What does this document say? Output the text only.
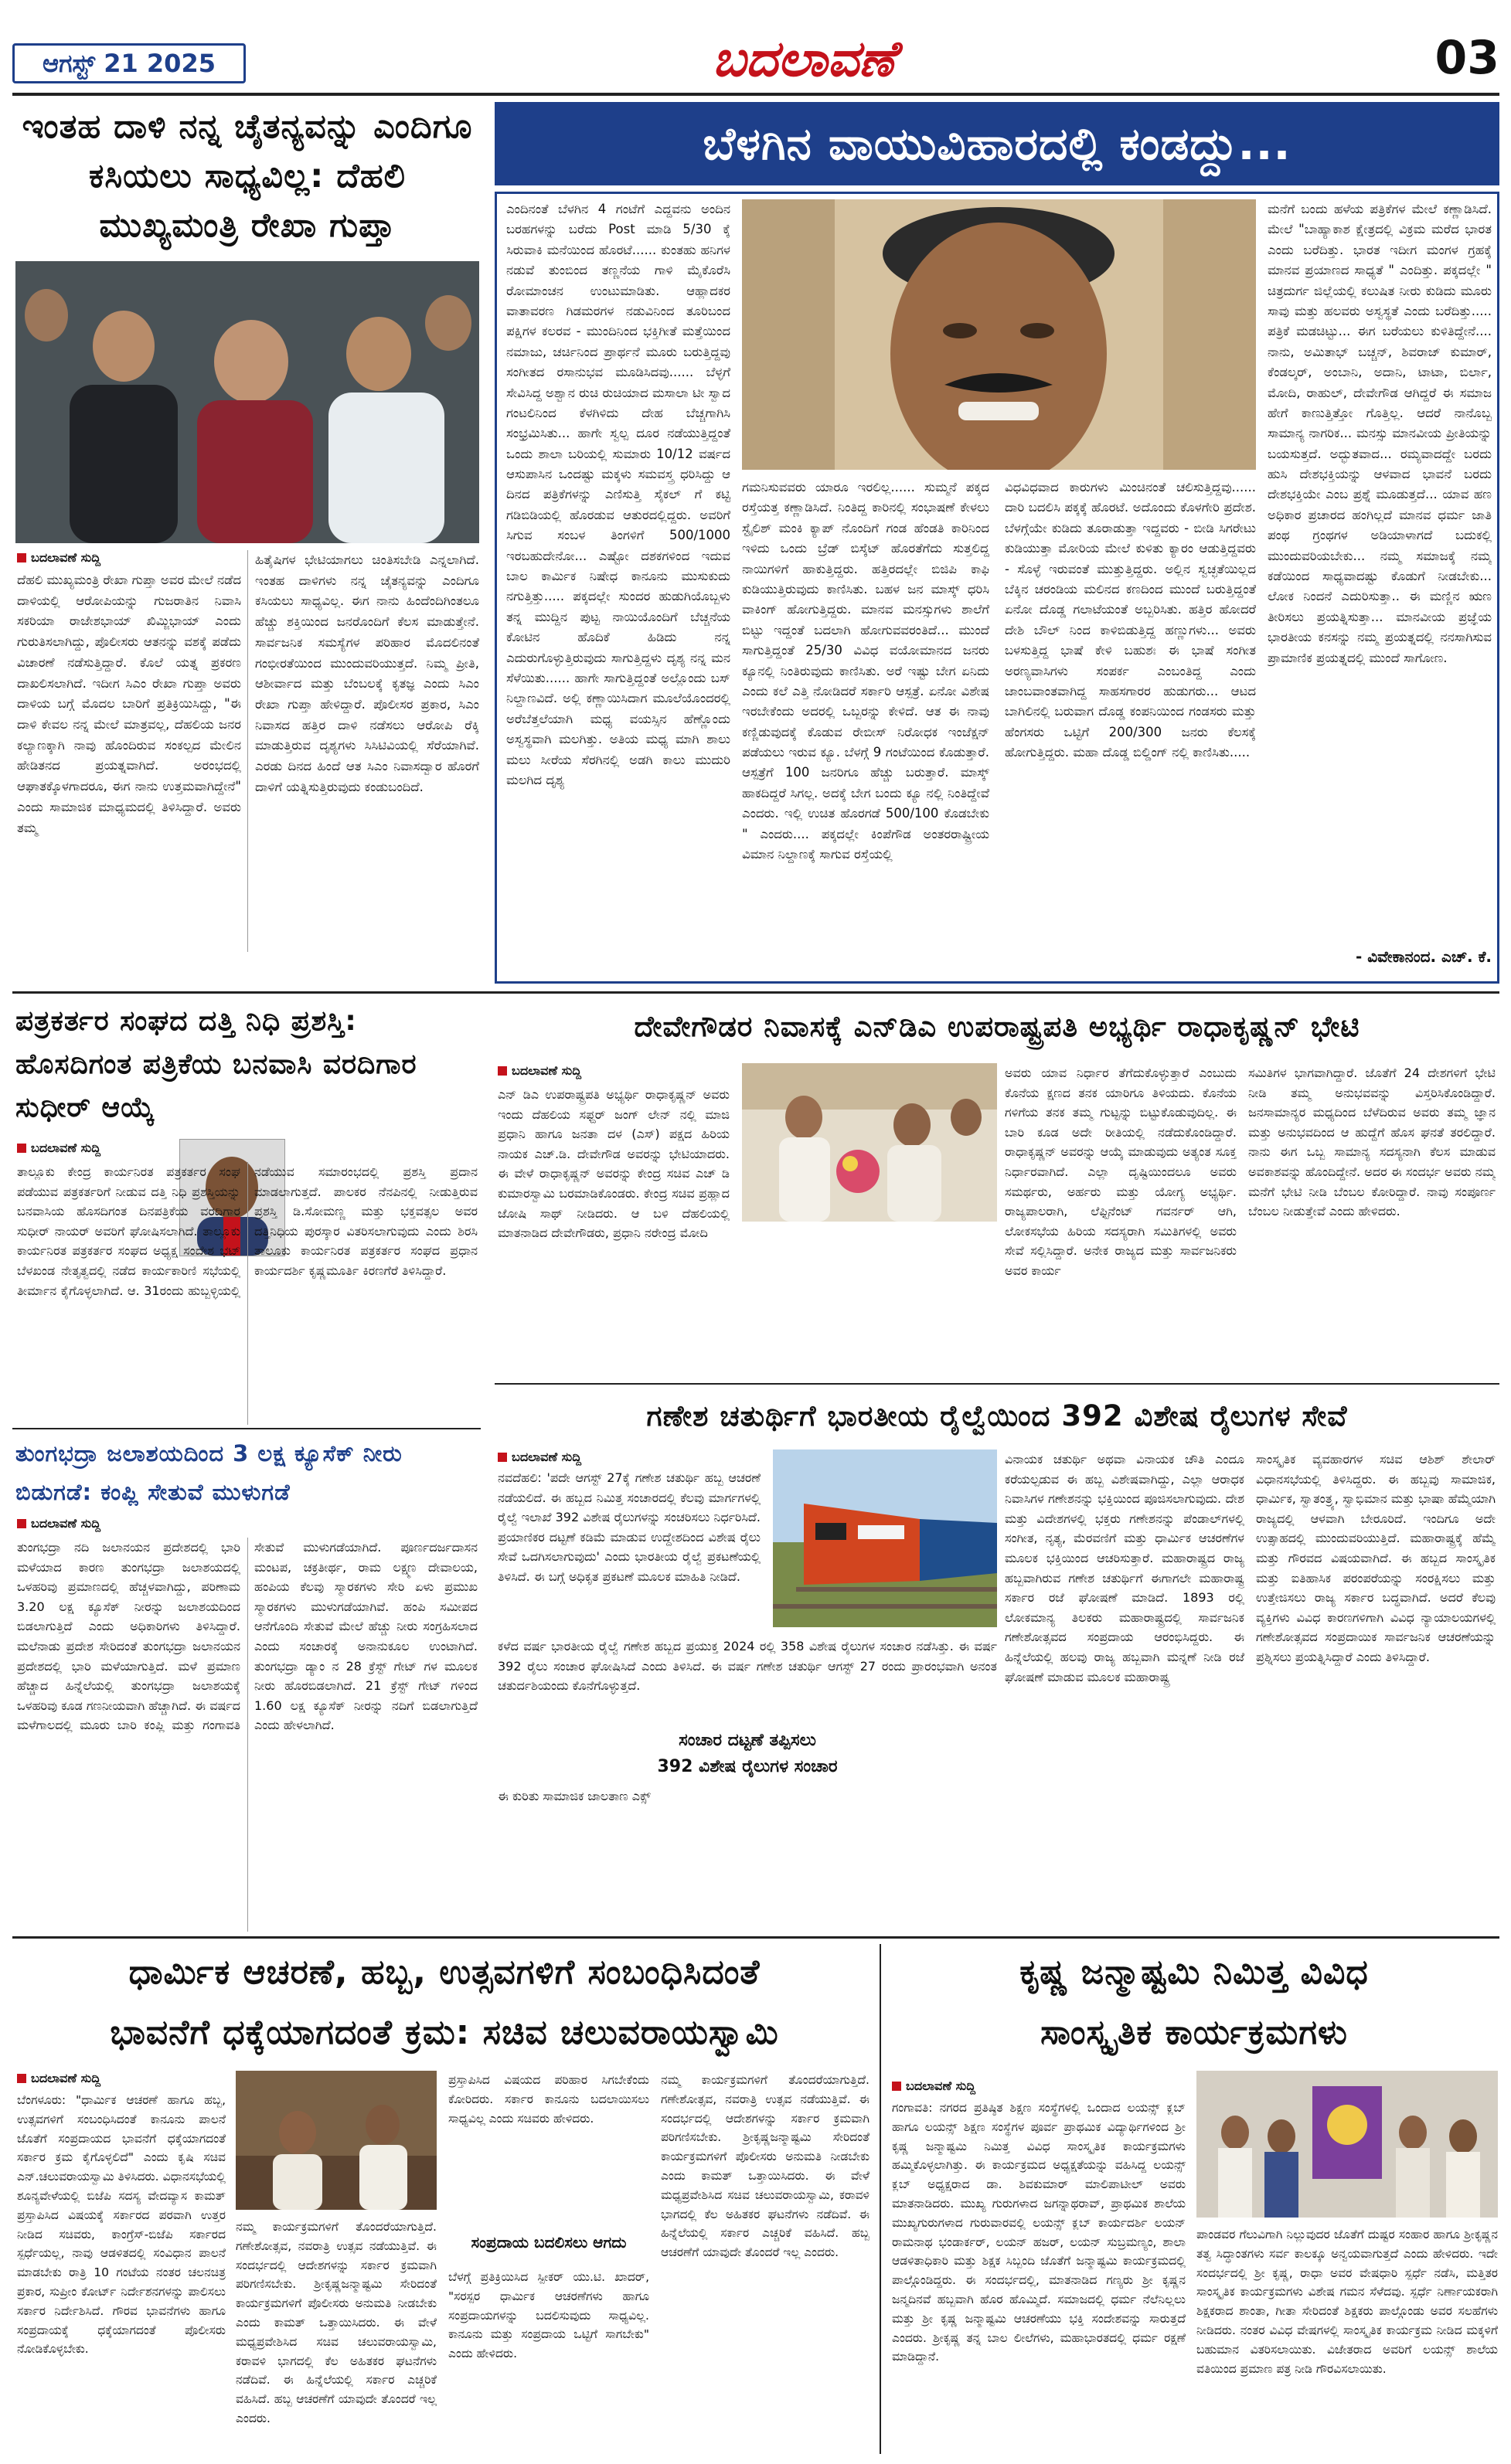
ಆಗಸ್ಟ್ 21 2025	ಬದಲಾವಣೆ	03
ಇಂತಹ ದಾಳಿ ನನ್ನ ಚೈತನ್ಯವನ್ನು ಎಂದಿಗೂ ಕಸಿಯಲು ಸಾಧ್ಯವಿಲ್ಲ: ದೆಹಲಿ ಮುಖ್ಯಮಂತ್ರಿ ರೇಖಾ ಗುಪ್ತಾ
ಬದಲಾವಣೆ ಸುದ್ದಿ
ದೆಹಲಿ ಮುಖ್ಯಮಂತ್ರಿ ರೇಖಾ ಗುಪ್ತಾ ಅವರ ಮೇಲೆ ನಡೆದ ದಾಳಿಯಲ್ಲಿ ಆರೋಪಿಯನ್ನು ಗುಜರಾತಿನ ನಿವಾಸಿ ಸಕರಿಯಾ ರಾಜೇಶಭಾಯ್ ಖಿಮ್ಜಿಭಾಯ್ ಎಂದು ಗುರುತಿಸಲಾಗಿದ್ದು, ಪೊಲೀಸರು ಆತನನ್ನು ವಶಕ್ಕೆ ಪಡೆದು ವಿಚಾರಣೆ ನಡೆಸುತ್ತಿದ್ದಾರೆ. ಕೊಲೆ ಯತ್ನ ಪ್ರಕರಣ ದಾಖಲಿಸಲಾಗಿದೆ. ಇದೀಗ ಸಿಎಂ ರೇಖಾ ಗುಪ್ತಾ ಅವರು ದಾಳಿಯ ಬಗ್ಗೆ ಮೊದಲ ಬಾರಿಗೆ ಪ್ರತಿಕ್ರಿಯಿಸಿದ್ದು, "ಈ ದಾಳಿ ಕೇವಲ ನನ್ನ ಮೇಲೆ ಮಾತ್ರವಲ್ಲ, ದೆಹಲಿಯ ಜನರ ಕಲ್ಯಾಣಕ್ಕಾಗಿ ನಾವು ಹೊಂದಿರುವ ಸಂಕಲ್ಪದ ಮೇಲಿನ ಹೇಡಿತನದ ಪ್ರಯತ್ನವಾಗಿದೆ. ಅರಂಭದಲ್ಲಿ ಆಘಾತಕ್ಕೊಳಗಾದರೂ, ಈಗ ನಾನು ಉತ್ತಮವಾಗಿದ್ದೇನೆ" ಎಂದು ಸಾಮಾಜಿಕ ಮಾಧ್ಯಮದಲ್ಲಿ ತಿಳಿಸಿದ್ದಾರೆ. ಅವರು ತಮ್ಮ
ಹಿತೈಷಿಗಳ ಭೇಟಿಯಾಗಲು ಚಿಂತಿಸಬೇಡಿ ಎನ್ನಲಾಗಿದೆ. ಇಂತಹ ದಾಳಿಗಳು ನನ್ನ ಚೈತನ್ಯವನ್ನು ಎಂದಿಗೂ ಕಸಿಯಲು ಸಾಧ್ಯವಿಲ್ಲ. ಈಗ ನಾನು ಹಿಂದೆಂದಿಗಿಂತಲೂ ಹೆಚ್ಚು ಶಕ್ತಿಯಿಂದ ಜನರೊಂದಿಗೆ ಕೆಲಸ ಮಾಡುತ್ತೇನೆ. ಸಾರ್ವಜನಿಕ ಸಮಸ್ಯೆಗಳ ಪರಿಹಾರ ಮೊದಲಿನಂತೆ ಗಂಭೀರತೆಯಿಂದ ಮುಂದುವರಿಯುತ್ತದೆ. ನಿಮ್ಮ ಪ್ರೀತಿ, ಆಶೀರ್ವಾದ ಮತ್ತು ಬೆಂಬಲಕ್ಕೆ ಕೃತಜ್ಞ ಎಂದು ಸಿಎಂ ರೇಖಾ ಗುಪ್ತಾ ಹೇಳಿದ್ದಾರೆ. ಪೊಲೀಸರ ಪ್ರಕಾರ, ಸಿಎಂ ನಿವಾಸದ ಹತ್ತಿರ ದಾಳಿ ನಡೆಸಲು ಆರೋಪಿ ರೆಕ್ಕಿ ಮಾಡುತ್ತಿರುವ ದೃಶ್ಯಗಳು ಸಿಸಿಟಿವಿಯಲ್ಲಿ ಸೆರೆಯಾಗಿವೆ. ಎರಡು ದಿನದ ಹಿಂದೆ ಆತ ಸಿಎಂ ನಿವಾಸದ್ವಾರ ಹೊರಗೆ ದಾಳಿಗೆ ಯತ್ನಿಸುತ್ತಿರುವುದು ಕಂಡುಬಂದಿದೆ.
ಬೆಳಗಿನ ವಾಯುವಿಹಾರದಲ್ಲಿ ಕಂಡದ್ದು...
ಎಂದಿನಂತೆ ಬೆಳಗಿನ 4 ಗಂಟೆಗೆ ಎದ್ದವನು ಅಂದಿನ ಬರಹಗಳನ್ನು ಬರೆದು Post ಮಾಡಿ 5/30 ಕ್ಕೆ ಸಿರುವಾಕಿ ಮನೆಯಿಂದ ಹೊರಟೆ...... ಕುಂತಹು ಹನಿಗಳ ನಡುವೆ ತುಂಬಿಂದ ತಣ್ಣನೆಯ ಗಾಳಿ ಮೈಕೊರೆಸಿ ರೋಮಾಂಚನ ಉಂಟುಮಾಡಿತು. ಆಹ್ಲಾದಕರ ವಾತಾವರಣ ಗಿಡಮರಗಳ ನಡುವಿನಿಂದ ತೂರಿಬಂದ ಪಕ್ಷಿಗಳ ಕಲರವ - ಮುಂದಿನಿಂದ ಭಕ್ತಿಗೀತೆ ಮತ್ತೆಯಿಂದ ನಮಾಜು, ಚರ್ಚಿನಿಂದ ಪ್ರಾರ್ಥನೆ ಮೂರು ಬರುತ್ತಿದ್ದವು ಸಂಗೀತದ ರಸಾನುಭವ ಮೂಡಿಸಿದವು...... ಬೆಳ್ಳಗೆ ಸೇವಿಸಿದ್ದ ಅಶ್ವಾನ ರುಚಿ ರುಚಿಯಾದ ಮಸಾಲಾ ಟೀ ಸ್ವಾದ ಗಂಟಲಿನಿಂದ ಕೆಳಗಿಳಿದು ದೇಹ ಬೆಚ್ಚಗಾಗಿಸಿ ಸಂಭ್ರಮಿಸಿತು... ಹಾಗೇ ಸ್ವಲ್ಪ ದೂರ ನಡೆಯುತ್ತಿದ್ದಂತೆ ಒಂದು ಶಾಲಾ ಬರಿಯಲ್ಲಿ ಸುಮಾರು 10/12 ವರ್ಷದ ಆಸುಪಾಸಿನ ಒಂದಷ್ಟು ಮಕ್ಕಳು ಸಮವಸ್ತ್ರ ಧರಿಸಿದ್ದು ಆ ದಿನದ ಪತ್ರಿಕೆಗಳನ್ನು ಎಣಿಸುತ್ತಿ ಸೈಕಲ್ ಗೆ ಕಟ್ಟಿ ಗಡಿಬಿಡಿಯಲ್ಲಿ ಹೊರಡುವ ಆತುರದಲ್ಲಿದ್ದರು. ಅವರಿಗೆ ಸಿಗುವ ಸಂಬಳ ತಿಂಗಳಿಗೆ 500/1000 ಇರಬಹುದೇನೋ... ಎಷ್ಟೋ ದಶಕಗಳಿಂದ ಇದುವ ಬಾಲ ಕಾರ್ಮಿಕ ನಿಷೇಧ ಕಾನೂನು ಮುಸುಕುದು ನಗುತ್ತಿತ್ತು..... ಪಕ್ಕದಲ್ಲೇ ಸುಂದರ ಹುಡುಗಿಯೊಬ್ಬಳು ತನ್ನ ಮುದ್ದಿನ ಪುಟ್ಟ ನಾಯಿಯೊಂದಿಗೆ ಬೆಚ್ಚನೆಯ ಕೋಟಿನ ಹೊದಿಕೆ ಹಿಡಿದು ನನ್ನ ಎದುರುಗೊಳ್ಳುತ್ತಿರುವುದು ಸಾಗುತ್ತಿದ್ದಳು ದೃಶ್ಯ ನನ್ನ ಮನ ಸೆಳೆಯಿತು...... ಹಾಗೇ ಸಾಗುತ್ತಿದ್ದಂತೆ ಅಲ್ಲೊಂದು ಬಸ್ ನಿಲ್ದಾಣವಿದೆ. ಅಲ್ಲಿ ಕಣ್ಣಾಯಿಸಿದಾಗ ಮೂಲೆಯೊಂದರಲ್ಲಿ ಅರೆಬೆತ್ತಲೆಯಾಗಿ ಮಧ್ಯ ವಯಸ್ಸಿನ ಹೆಣ್ಣೊಂದು ಅಸ್ವಸ್ಥವಾಗಿ ಮಲಗಿತ್ತು. ಅತಿಯ ಮಧ್ಯ ಮಾಗಿ ಶಾಲು ಮಲು ಸೀರೆಯ ಸೆರಗಿನಲ್ಲಿ ಅಡಗಿ ಕಾಲು ಮುದುರಿ ಮಲಗಿದ ದೃಶ್ಯ
ಗಮನಿಸುವವರು ಯಾರೂ ಇರಲಿಲ್ಲ...... ಸುಮ್ಮನೆ ಪಕ್ಕದ ರಸ್ತೆಯತ್ತ ಕಣ್ಣಾಡಿಸಿದೆ. ನಿಂತಿದ್ದ ಕಾರಿನಲ್ಲಿ ಸಂಭಾಷಣೆ ಕೇಳಲು ಸ್ಟೈಲಿಶ್ ಮಂಕಿ ಕ್ಯಾಪ್ ನೊಂದಿಗೆ ಗಂಡ ಹೆಂಡತಿ ಕಾರಿನಿಂದ ಇಳಿದು ಒಂದು ಬ್ರೆಡ್ ಬಿಸ್ಕೆಟ್ ಹೊರತೆಗೆದು ಸುತ್ತಲಿದ್ದ ನಾಯಿಗಳಿಗೆ ಹಾಕುತ್ತಿದ್ದರು. ಹತ್ತಿರದಲ್ಲೇ ಬಿಜಿಪಿ ಕಾಫಿ ಕುಡಿಯುತ್ತಿರುವುದು ಕಾಣಿಸಿತು. ಬಹಳ ಜನ ಮಾಸ್ಕ್ ಧರಿಸಿ ವಾಕಿಂಗ್ ಹೋಗುತ್ತಿದ್ದರು. ಮಾನವ ಮನಸ್ಸುಗಳು ಶಾಲೆಗೆ ಬಿಟ್ಟು ಇದ್ದಂತೆ ಬದಲಾಗಿ ಹೋಗುವವರಂತಿದೆ... ಮುಂದೆ ಸಾಗುತ್ತಿದ್ದಂತೆ 25/30 ವಿವಿಧ ವಯೋಮಾನದ ಜನರು ಕ್ಯೂನಲ್ಲಿ ನಿಂತಿರುವುದು ಕಾಣಿಸಿತು. ಅರೆ ಇಷ್ಟು ಬೇಗ ಏನಿದು ಎಂದು ಕಲೆ ಎತ್ತಿ ನೋಡಿದರೆ ಸರ್ಕಾರಿ ಆಸ್ಪತ್ರೆ. ಏನೋ ವಿಶೇಷ ಇರಬೇಕೆಂದು ಅದರಲ್ಲಿ ಒಬ್ಬರನ್ನು ಕೇಳಿದೆ. ಆತ ಈ ನಾವು ಕಣ್ಣಿಡುವುದಕ್ಕೆ ಕೊಡುವ ರೇಬೀಸ್ ನಿರೋಧಕ ಇಂಜೆಕ್ಷನ್ ಪಡೆಯಲು ಇರುವ ಕ್ಯೂ. ಬೆಳಗ್ಗೆ 9 ಗಂಟೆಯಿಂದ ಕೊಡುತ್ತಾರೆ. ಆಸ್ಪತ್ರೆಗೆ 100 ಜನರಿಗೂ ಹೆಚ್ಚು ಬರುತ್ತಾರೆ. ಮಾಸ್ಕ್ ಹಾಕದಿದ್ದರೆ ಸಿಗಲ್ಲ. ಅದಕ್ಕೆ ಬೇಗ ಬಂದು ಕ್ಯೂ ನಲ್ಲಿ ನಿಂತಿದ್ದೇವೆ ಎಂದರು. ಇಲ್ಲಿ ಉಚಿತ ಹೊರಗಡೆ 500/100 ಕೊಡಬೇಕು " ಎಂದರು.... ಪಕ್ಕದಲ್ಲೇ ಕಿಂಪೆಗೌಡ ಅಂತರರಾಷ್ಟ್ರೀಯ ವಿಮಾನ ನಿಲ್ದಾಣಕ್ಕೆ ಸಾಗುವ ರಸ್ತೆಯಲ್ಲಿ
ವಿಧವಿಧವಾದ ಕಾರುಗಳು ಮಿಂಚಿನಂತೆ ಚಲಿಸುತ್ತಿದ್ದವು...... ದಾರಿ ಬದಲಿಸಿ ಪಕ್ಕಕ್ಕೆ ಹೊರಟೆ. ಅದೊಂದು ಕೊಳಗೇರಿ ಪ್ರದೇಶ. ಬೆಳಗ್ಗೆಯೇ ಕುಡಿದು ತೂರಾಡುತ್ತಾ ಇದ್ದವರು - ಬೀಡಿ ಸಿಗರೇಟು ಕುಡಿಯುತ್ತಾ ಮೋರಿಯ ಮೇಲೆ ಕುಳಿತು ಕ್ಯಾರಂ ಆಡುತ್ತಿದ್ದವರು - ಸೊಳ್ಳೆ ಇರುವಂತೆ ಮುತ್ತುತ್ತಿದ್ದರು. ಅಲ್ಲಿನ ಸ್ವಚ್ಛತೆಯಿಲ್ಲದ ಬೆಕ್ಕಿನ ಚರಂಡಿಯ ಮಲಿನದ ಕಣದಿಂದ ಮುಂದೆ ಬರುತ್ತಿದ್ದಂತೆ ಏನೋ ದೊಡ್ಡ ಗಲಾಟೆಯಂತೆ ಅಬ್ಬರಿಸಿತು. ಹತ್ತಿರ ಹೋದರೆ ದೇಶಿ ಬೌಲ್ ನಿಂದ ಕಾಳಿಬಿಡುತ್ತಿದ್ದ ಹಣ್ಣುಗಳು... ಅವರು ಬಳಸುತ್ತಿದ್ದ ಭಾಷೆ ಕೇಳಿ ಬಹುಶಃ ಈ ಭಾಷೆ ಸಂಗೀತ ಅರಣ್ಯವಾಸಿಗಳು ಸಂಪರ್ಕ ಎಂಬಂತಿದ್ದ ಎಂದು ಜಾಂಬವಾಂತವಾಗಿದ್ದ ಸಾಹಸಗಾರರ ಹುಡುಗರು... ಆಟದ ಬಾಗಿಲಿನಲ್ಲಿ ಬರುವಾಗ ದೊಡ್ಡ ಕಂಪನಿಯಿಂದ ಗಂಡಸರು ಮತ್ತು ಹೆಂಗಸರು ಒಟ್ಟಿಗೆ 200/300 ಜನರು ಕೆಲಸಕ್ಕೆ ಹೋಗುತ್ತಿದ್ದರು. ಮಹಾ ದೊಡ್ಡ ಬಿಲ್ಡಿಂಗ್ ನಲ್ಲಿ ಕಾಣಿಸಿತು.....
ಮನೆಗೆ ಬಂದು ಹಳೆಯ ಪತ್ರಿಕೆಗಳ ಮೇಲೆ ಕಣ್ಣಾಡಿಸಿದೆ. ಮೇಲೆ "ಬಾಹ್ಯಾಕಾಶ ಕ್ಷೇತ್ರದಲ್ಲಿ ವಿಕ್ರಮ ಮರೆದ ಭಾರತ ಎಂದು ಬರೆದಿತ್ತು. ಭಾರತ ಇದೀಗ ಮಂಗಳ ಗ್ರಹಕ್ಕೆ ಮಾನವ ಪ್ರಯಾಣದ ಸಾಧ್ಯತೆ " ಎಂದಿತ್ತು. ಪಕ್ಕದಲ್ಲೇ " ಚಿತ್ರದುರ್ಗ ಜಿಲ್ಲೆಯಲ್ಲಿ ಕಲುಷಿತ ನೀರು ಕುಡಿದು ಮೂರು ಸಾವು ಮತ್ತು ಹಲವರು ಅಸ್ವಸ್ಥತೆ ಎಂದು ಬರೆದಿತ್ತು..... ಪತ್ರಿಕೆ ಮಡಚಿಟ್ಟು... ಈಗ ಬರೆಯಲು ಕುಳಿತಿದ್ದೇನೆ.... ನಾನು, ಅಮಿತಾಭ್ ಬಚ್ಚನ್, ಶಿವರಾಜ್ ಕುಮಾರ್, ಕೆಂಡಲ್ಕರ್, ಅಂಬಾನಿ, ಅದಾನಿ, ಟಾಟಾ, ಬಿರ್ಲಾ, ಮೋದಿ, ರಾಹುಲ್, ದೇವೇಗೌಡ ಆಗಿದ್ದರೆ ಈ ಸಮಾಜ ಹೇಗೆ ಕಾಣುತ್ತಿತ್ತೋ ಗೊತ್ತಿಲ್ಲ. ಆದರೆ ನಾನೊಬ್ಬ ಸಾಮಾನ್ಯ ನಾಗರಿಕ... ಮನಸ್ಸು ಮಾನವೀಯ ಪ್ರೀತಿಯನ್ನು ಬಯಸುತ್ತದೆ. ಅದ್ಭುತವಾದ... ರಮ್ಯವಾದದ್ದೇ ಬರದು ಹುಸಿ ದೇಶಭಕ್ತಿಯನ್ನು ಆಳವಾದ ಭಾವನೆ ಬರದು ದೇಶಭಕ್ತಿಯೇ ಎಂಬ ಪ್ರಶ್ನೆ ಮೂಡುತ್ತದೆ... ಯಾವ ಹಣ ಅಧಿಕಾರ ಪ್ರಚಾರದ ಹಂಗಿಲ್ಲದೆ ಮಾನವ ಧರ್ಮ ಜಾತಿ ಪಂಥ ಗ್ರಂಥಗಳ ಅಡಿಯಾಳಾಗದೆ ಬದುಕಲ್ಲಿ ಮುಂದುವರಿಯಬೇಕು... ನಮ್ಮ ಸಮಾಜಕ್ಕೆ ನಮ್ಮ ಕಡೆಯಿಂದ ಸಾಧ್ಯವಾದಷ್ಟು ಕೊಡುಗೆ ನೀಡಬೇಕು... ಲೋಕ ನಿಂದನೆ ಎದುರಿಸುತ್ತಾ.. ಈ ಮಣ್ಣಿನ ಋಣ ತೀರಿಸಲು ಪ್ರಯತ್ನಿಸುತ್ತಾ... ಮಾನವೀಯ ಪ್ರಜ್ಞೆಯ ಭಾರತೀಯ ಕನಸನ್ನು ನಮ್ಮ ಪ್ರಯತ್ನದಲ್ಲಿ ನನಸಾಗಿಸುವ ಪ್ರಾಮಾಣಿಕ ಪ್ರಯತ್ನದಲ್ಲಿ ಮುಂದೆ ಸಾಗೋಣ.
- ವಿವೇಕಾನಂದ. ಎಚ್. ಕೆ.
ಪತ್ರಕರ್ತರ ಸಂಘದ ದತ್ತಿ ನಿಧಿ ಪ್ರಶಸ್ತಿ: ಹೊಸದಿಗಂತ ಪತ್ರಿಕೆಯ ಬನವಾಸಿ ವರದಿಗಾರ ಸುಧೀರ್ ಆಯ್ಕೆ
ಬದಲಾವಣೆ ಸುದ್ದಿ
ತಾಲ್ಲೂಕು ಕೇಂದ್ರ ಕಾರ್ಯನಿರತ ಪತ್ರಕರ್ತರ ಸಂಘ ಪಡೆಯುವ ಪತ್ರಕರ್ತರಿಗೆ ನೀಡುವ ದತ್ತಿ ನಿಧಿ ಪ್ರಶಸ್ತಿಯನ್ನು ಬನವಾಸಿಯ ಹೊಸದಿಗಂತ ದಿನಪತ್ರಿಕೆಯ ವರದಿಗಾರ ಸುಧೀರ್ ನಾಯರ್ ಅವರಿಗೆ ಘೋಷಿಸಲಾಗಿದೆ. ತಾಲ್ಲೂಕು ಕಾರ್ಯನಿರತ ಪತ್ರಕರ್ತರ ಸಂಘದ ಅಧ್ಯಕ್ಷ ಸಂದೇಶ ಭಟ್ ಬೆಳಖಂಡ ನೇತೃತ್ವದಲ್ಲಿ ನಡೆದ ಕಾರ್ಯಕಾರಿಣಿ ಸಭೆಯಲ್ಲಿ ತೀರ್ಮಾನ ಕೈಗೊಳ್ಳಲಾಗಿದೆ. ಆ. 31ರಂದು ಹುಬ್ಬಳ್ಳಿಯಲ್ಲಿ ನಡೆಯುವ ಸಮಾರಂಭದಲ್ಲಿ ಪ್ರಶಸ್ತಿ ಪ್ರದಾನ ಮಾಡಲಾಗುತ್ತದೆ. ಪಾಲಕರ ನೆನಪಿನಲ್ಲಿ ನೀಡುತ್ತಿರುವ ಪ್ರಶಸ್ತಿ ಡಿ.ಸೋಮಣ್ಣ ಮತ್ತು ಭಕ್ತವತ್ಸಲ ಅವರ ದತ್ತಿನಿಧಿಯ ಪುರಸ್ಕಾರ ವಿತರಿಸಲಾಗುವುದು ಎಂದು ಶಿರಸಿ ತಾಲೂಕು ಕಾರ್ಯನಿರತ ಪತ್ರಕರ್ತರ ಸಂಘದ ಪ್ರಧಾನ ಕಾರ್ಯದರ್ಶಿ ಕೃಷ್ಣಮೂರ್ತಿ ಕಿರಣಗೆರೆ ತಿಳಿಸಿದ್ದಾರೆ.
ತುಂಗಭದ್ರಾ ಜಲಾಶಯದಿಂದ 3 ಲಕ್ಷ ಕ್ಯೂಸೆಕ್ ನೀರು ಬಿಡುಗಡೆ: ಕಂಪ್ಲಿ ಸೇತುವೆ ಮುಳುಗಡೆ
ಬದಲಾವಣೆ ಸುದ್ದಿ
ತುಂಗಭದ್ರಾ ನದಿ ಜಲಾನಯನ ಪ್ರದೇಶದಲ್ಲಿ ಭಾರಿ ಮಳೆಯಾದ ಕಾರಣ ತುಂಗಭದ್ರಾ ಜಲಾಶಯದಲ್ಲಿ ಒಳಹರಿವು ಪ್ರಮಾಣದಲ್ಲಿ ಹೆಚ್ಚಳವಾಗಿದ್ದು, ಪರಿಣಾಮ 3.20 ಲಕ್ಷ ಕ್ಯೂಸೆಕ್ ನೀರನ್ನು ಜಲಾಶಯದಿಂದ ಬಿಡಲಾಗುತ್ತಿದೆ ಎಂದು ಅಧಿಕಾರಿಗಳು ತಿಳಿಸಿದ್ದಾರೆ. ಮಲೆನಾಡು ಪ್ರದೇಶ ಸೇರಿದಂತೆ ತುಂಗಭದ್ರಾ ಜಲಾನಯನ ಪ್ರದೇಶದಲ್ಲಿ ಭಾರಿ ಮಳೆಯಾಗುತ್ತಿದೆ. ಮಳೆ ಪ್ರಮಾಣ ಹೆಚ್ಚಾದ ಹಿನ್ನೆಲೆಯಲ್ಲಿ ತುಂಗಭದ್ರಾ ಜಲಾಶಯಕ್ಕೆ ಒಳಹರಿವು ಕೂಡ ಗಣನೀಯವಾಗಿ ಹೆಚ್ಚಾಗಿದೆ. ಈ ವರ್ಷದ ಮಳೆಗಾಲದಲ್ಲಿ ಮೂರು ಬಾರಿ ಕಂಪ್ಲಿ ಮತ್ತು ಗಂಗಾವತಿ ಸೇತುವೆ ಮುಳುಗಡೆಯಾಗಿದೆ. ಪೂರ್ಣದರ್ಜದಾಸನ ಮಂಟಪ, ಚಕ್ರತೀರ್ಥ, ರಾಮ ಲಕ್ಷ್ಮಣ ದೇವಾಲಯ, ಹಂಪಿಯ ಕೆಲವು ಸ್ಮಾರಕಗಳು ಸೇರಿ ಏಳು ಪ್ರಮುಖ ಸ್ಮಾರಕಗಳು ಮುಳುಗಡೆಯಾಗಿವೆ. ಹಂಪಿ ಸಮೀಪದ ಆನೆಗೊಂದಿ ಸೇತುವೆ ಮೇಲೆ ಹೆಚ್ಚು ನೀರು ಸಂಗ್ರಹಿಸಲಾದ ಎಂದು ಸಂಚಾರಕ್ಕೆ ಅನಾನುಕೂಲ ಉಂಟಾಗಿದೆ. ತುಂಗಭದ್ರಾ ಡ್ಯಾಂ ನ 28 ಕ್ರೆಸ್ಟ್ ಗೇಟ್ ಗಳ ಮೂಲಕ ನೀರು ಹೊರಬಿಡಲಾಗಿದೆ. 21 ಕ್ರೆಸ್ಟ್ ಗೇಟ್ ಗಳಿಂದ 1.60 ಲಕ್ಷ ಕ್ಯೂಸೆಕ್ ನೀರನ್ನು ನದಿಗೆ ಬಿಡಲಾಗುತ್ತಿದೆ ಎಂದು ಹೇಳಲಾಗಿದೆ.
ದೇವೇಗೌಡರ ನಿವಾಸಕ್ಕೆ ಎನ್‌ಡಿಎ ಉಪರಾಷ್ಟ್ರಪತಿ ಅಭ್ಯರ್ಥಿ ರಾಧಾಕೃಷ್ಣನ್ ಭೇಟಿ
ಬದಲಾವಣೆ ಸುದ್ದಿ
ಎನ್ ಡಿಎ ಉಪರಾಷ್ಟ್ರಪತಿ ಅಭ್ಯರ್ಥಿ ರಾಧಾಕೃಷ್ಣನ್ ಅವರು ಇಂದು ದೆಹಲಿಯ ಸಫ್ದರ್ ಜಂಗ್ ಲೇನ್ ನಲ್ಲಿ ಮಾಜಿ ಪ್ರಧಾನಿ ಹಾಗೂ ಜನತಾ ದಳ (ಎಸ್) ಪಕ್ಷದ ಹಿರಿಯ ನಾಯಕ ಎಚ್.ಡಿ. ದೇವೇಗೌಡ ಅವರನ್ನು ಭೇಟಿಯಾದರು. ಈ ವೇಳೆ ರಾಧಾಕೃಷ್ಣನ್ ಅವರನ್ನು ಕೇಂದ್ರ ಸಚಿವ ಎಚ್ ಡಿ ಕುಮಾರಸ್ವಾಮಿ ಬರಮಾಡಿಕೊಂಡರು. ಕೇಂದ್ರ ಸಚಿವ ಪ್ರಹ್ಲಾದ ಜೋಷಿ ಸಾಥ್ ನೀಡಿದರು. ಆ ಬಳಿ ದೆಹಲಿಯಲ್ಲಿ ಮಾತನಾಡಿದ ದೇವೇಗೌಡರು, ಪ್ರಧಾನಿ ನರೇಂದ್ರ ಮೋದಿ
ಅವರು ಯಾವ ನಿರ್ಧಾರ ತೆಗೆದುಕೊಳ್ಳುತ್ತಾರೆ ಎಂಬುದು ಕೊನೆಯ ಕ್ಷಣದ ತನಕ ಯಾರಿಗೂ ತಿಳಿಯದು. ಕೊನೆಯ ಗಳಿಗೆಯ ತನಕ ತಮ್ಮ ಗುಟ್ಟನ್ನು ಬಿಟ್ಟುಕೊಡುವುದಿಲ್ಲ. ಈ ಬಾರಿ ಕೂಡ ಅದೇ ರೀತಿಯಲ್ಲಿ ನಡೆದುಕೊಂಡಿದ್ದಾರೆ. ರಾಧಾಕೃಷ್ಣನ್ ಅವರನ್ನು ಆಯ್ಕೆ ಮಾಡುವುದು ಅತ್ಯಂತ ಸೂಕ್ತ ನಿರ್ಧಾರವಾಗಿದೆ. ಎಲ್ಲಾ ದೃಷ್ಟಿಯಿಂದಲೂ ಅವರು ಸಮರ್ಥರು, ಅರ್ಹರು ಮತ್ತು ಯೋಗ್ಯ ಅಭ್ಯರ್ಥಿ. ರಾಜ್ಯಪಾಲರಾಗಿ, ಲೆಫ್ಟಿನೆಂಟ್ ಗವರ್ನರ್ ಆಗಿ, ಲೋಕಸಭೆಯ ಹಿರಿಯ ಸದಸ್ಯರಾಗಿ ಸಮಿತಿಗಳಲ್ಲಿ ಅವರು ಸೇವೆ ಸಲ್ಲಿಸಿದ್ದಾರೆ. ಅನೇಕ ರಾಜ್ಯದ ಮತ್ತು ಸಾರ್ವಜನಿಕರು ಅವರ ಕಾರ್ಯ
ಸಮಿತಿಗಳ ಭಾಗವಾಗಿದ್ದಾರೆ. ಜೊತೆಗೆ 24 ದೇಶಗಳಿಗೆ ಭೇಟಿ ನೀಡಿ ತಮ್ಮ ಅನುಭವವನ್ನು ವಿಸ್ತರಿಸಿಕೊಂಡಿದ್ದಾರೆ. ಜನಸಾಮಾನ್ಯರ ಮಧ್ಯದಿಂದ ಬೆಳೆದಿರುವ ಅವರು ತಮ್ಮ ಜ್ಞಾನ ಮತ್ತು ಅನುಭವದಿಂದ ಆ ಹುದ್ದೆಗೆ ಹೊಸ ಘನತೆ ತರಲಿದ್ದಾರೆ. ನಾನು ಈಗ ಒಬ್ಬ ಸಾಮಾನ್ಯ ಸದಸ್ಯನಾಗಿ ಕೆಲಸ ಮಾಡುವ ಅವಕಾಶವನ್ನು ಹೊಂದಿದ್ದೇನೆ. ಅದರ ಈ ಸಂದರ್ಭ ಅವರು ನಮ್ಮ ಮನೆಗೆ ಭೇಟಿ ನೀಡಿ ಬೆಂಬಲ ಕೋರಿದ್ದಾರೆ. ನಾವು ಸಂಪೂರ್ಣ ಬೆಂಬಲ ನೀಡುತ್ತೇವೆ ಎಂದು ಹೇಳಿದರು.
ಗಣೇಶ ಚತುರ್ಥಿಗೆ ಭಾರತೀಯ ರೈಲ್ವೆಯಿಂದ 392 ವಿಶೇಷ ರೈಲುಗಳ ಸೇವೆ
ಬದಲಾವಣೆ ಸುದ್ದಿ
ನವದೆಹಲಿ: 'ಪದೇ ಆಗಸ್ಟ್ 27ಕ್ಕೆ ಗಣೇಶ ಚತುರ್ಥಿ ಹಬ್ಬ ಆಚರಣೆ ನಡೆಯಲಿದೆ. ಈ ಹಬ್ಬದ ನಿಮಿತ್ತ ಸಂಚಾರದಲ್ಲಿ ಕೆಲವು ಮಾರ್ಗಗಳಲ್ಲಿ ರೈಲ್ವೆ ಇಲಾಖೆ 392 ವಿಶೇಷ ರೈಲುಗಳನ್ನು ಸಂಚರಿಸಲು ನಿರ್ಧರಿಸಿದೆ. ಪ್ರಯಾಣಿಕರ ದಟ್ಟಣೆ ಕಡಿಮೆ ಮಾಡುವ ಉದ್ದೇಶದಿಂದ ವಿಶೇಷ ರೈಲು ಸೇವೆ ಒದಗಿಸಲಾಗುವುದು' ಎಂದು ಭಾರತೀಯ ರೈಲ್ವೆ ಪ್ರಕಟಣೆಯಲ್ಲಿ ತಿಳಿಸಿದೆ. ಈ ಬಗ್ಗೆ ಅಧಿಕೃತ ಪ್ರಕಟಣೆ ಮೂಲಕ ಮಾಹಿತಿ ನೀಡಿದೆ.
ಕಳೆದ ವರ್ಷ ಭಾರತೀಯ ರೈಲ್ವೆ ಗಣೇಶ ಹಬ್ಬದ ಪ್ರಯುಕ್ತ 2024 ರಲ್ಲಿ 358 ವಿಶೇಷ ರೈಲುಗಳ ಸಂಚಾರ ನಡೆಸಿತ್ತು. ಈ ವರ್ಷ 392 ರೈಲು ಸಂಚಾರ ಘೋಷಿಸಿದೆ ಎಂದು ತಿಳಿಸಿದೆ. ಈ ವರ್ಷ ಗಣೇಶ ಚತುರ್ಥಿ ಆಗಸ್ಟ್ 27 ರಂದು ಪ್ರಾರಂಭವಾಗಿ ಅನಂತ ಚತುರ್ದಶಿಯಂದು ಕೊನೆಗೊಳ್ಳುತ್ತದೆ.
ಸಂಚಾರ ದಟ್ಟಣೆ ತಪ್ಪಿಸಲು
392 ವಿಶೇಷ ರೈಲುಗಳ ಸಂಚಾರ
ಈ ಕುರಿತು ಸಾಮಾಜಿಕ ಜಾಲತಾಣ ಎಕ್ಸ್
ವಿನಾಯಕ ಚತುರ್ಥಿ ಅಥವಾ ವಿನಾಯಕ ಚೌತಿ ಎಂದೂ ಕರೆಯಲ್ಪಡುವ ಈ ಹಬ್ಬ ವಿಶೇಷವಾಗಿದ್ದು, ಎಲ್ಲಾ ಆರಾಧಕ ನಿವಾಸಿಗಳ ಗಣೇಶನನ್ನು ಭಕ್ತಿಯಿಂದ ಪೂಜಿಸಲಾಗುವುದು. ದೇಶ ಮತ್ತು ವಿದೇಶಗಳಲ್ಲಿ ಭಕ್ತರು ಗಣೇಶನನ್ನು ಪೆಂಡಾಲ್‌ಗಳಲ್ಲಿ ಸಂಗೀತ, ನೃತ್ಯ, ಮೆರವಣಿಗೆ ಮತ್ತು ಧಾರ್ಮಿಕ ಆಚರಣೆಗಳ ಮೂಲಕ ಭಕ್ತಿಯಿಂದ ಆಚರಿಸುತ್ತಾರೆ. ಮಹಾರಾಷ್ಟ್ರದ ರಾಜ್ಯ ಹಬ್ಬವಾಗಿರುವ ಗಣೇಶ ಚತುರ್ಥಿಗೆ ಈಗಾಗಲೇ ಮಹಾರಾಷ್ಟ್ರ ಸರ್ಕಾರ ರಜೆ ಘೋಷಣೆ ಮಾಡಿದೆ. 1893 ರಲ್ಲಿ ಲೋಕಮಾನ್ಯ ತಿಲಕರು ಮಹಾರಾಷ್ಟ್ರದಲ್ಲಿ ಸಾರ್ವಜನಿಕ ಗಣೇಶೋತ್ಸವದ ಸಂಪ್ರದಾಯ ಆರಂಭಿಸಿದ್ದರು. ಈ ಹಿನ್ನೆಲೆಯಲ್ಲಿ ಹಲವು ರಾಜ್ಯ ಹಬ್ಬವಾಗಿ ಮನ್ನಣೆ ನೀಡಿ ರಜೆ ಘೋಷಣೆ ಮಾಡುವ ಮೂಲಕ ಮಹಾರಾಷ್ಟ್ರ
ಸಾಂಸ್ಕೃತಿಕ ವ್ಯವಹಾರಗಳ ಸಚಿವ ಆಶಿಶ್ ಶೇಲಾರ್ ವಿಧಾನಸಭೆಯಲ್ಲಿ ತಿಳಿಸಿದ್ದರು. ಈ ಹಬ್ಬವು ಸಾಮಾಜಿಕ, ಧಾರ್ಮಿಕ, ಸ್ವಾತಂತ್ರ್ಯ, ಸ್ವಾಭಿಮಾನ ಮತ್ತು ಭಾಷಾ ಹೆಮ್ಮೆಯಾಗಿ ರಾಜ್ಯದಲ್ಲಿ ಆಳವಾಗಿ ಬೇರೂರಿದೆ. ಇಂದಿಗೂ ಅದೇ ಉತ್ಸಾಹದಲ್ಲಿ ಮುಂದುವರಿಯುತ್ತಿದೆ. ಮಹಾರಾಷ್ಟ್ರಕ್ಕೆ ಹೆಮ್ಮೆ ಮತ್ತು ಗೌರವದ ವಿಷಯವಾಗಿದೆ. ಈ ಹಬ್ಬದ ಸಾಂಸ್ಕೃತಿಕ ಮತ್ತು ಐತಿಹಾಸಿಕ ಪರಂಪರೆಯನ್ನು ಸಂರಕ್ಷಿಸಲು ಮತ್ತು ಉತ್ತೇಜಿಸಲು ರಾಜ್ಯ ಸರ್ಕಾರ ಬದ್ಧವಾಗಿದೆ. ಅದರೆ ಕೆಲವು ವ್ಯಕ್ತಿಗಳು ವಿವಿಧ ಕಾರಣಗಳಿಗಾಗಿ ವಿವಿಧ ನ್ಯಾಯಾಲಯಗಳಲ್ಲಿ ಗಣೇಶೋತ್ಸವದ ಸಂಪ್ರದಾಯಿಕ ಸಾರ್ವಜನಿಕ ಆಚರಣೆಯನ್ನು ಪ್ರಶ್ನಿಸಲು ಪ್ರಯತ್ನಿಸಿದ್ದಾರೆ ಎಂದು ತಿಳಿಸಿದ್ದಾರೆ.
ಧಾರ್ಮಿಕ ಆಚರಣೆ, ಹಬ್ಬ, ಉತ್ಸವಗಳಿಗೆ ಸಂಬಂಧಿಸಿದಂತೆ
ಭಾವನೆಗೆ ಧಕ್ಕೆಯಾಗದಂತೆ ಕ್ರಮ: ಸಚಿವ ಚಲುವರಾಯಸ್ವಾಮಿ
ಬದಲಾವಣೆ ಸುದ್ದಿ
ಬೆಂಗಳೂರು: "ಧಾರ್ಮಿಕ ಆಚರಣೆ ಹಾಗೂ ಹಬ್ಬ, ಉತ್ಸವಗಳಿಗೆ ಸಂಬಂಧಿಸಿದಂತೆ ಕಾನೂನು ಪಾಲನೆ ಜೊತೆಗೆ ಸಂಪ್ರದಾಯದ ಭಾವನೆಗೆ ಧಕ್ಕೆಯಾಗದಂತೆ ಸರ್ಕಾರ ಕ್ರಮ ಕೈಗೊಳ್ಳಲಿದೆ" ಎಂದು ಕೃಷಿ ಸಚಿವ ಎನ್.ಚಲುವರಾಯಸ್ವಾಮಿ ತಿಳಿಸಿದರು. ವಿಧಾನಸಭೆಯಲ್ಲಿ ಶೂನ್ಯವೇಳೆಯಲ್ಲಿ ಬಿಜೆಪಿ ಸದಸ್ಯ ವೇದವ್ಯಾಸ ಕಾಮತ್ ಪ್ರಸ್ತಾಪಿಸಿದ ವಿಷಯಕ್ಕೆ ಸರ್ಕಾರದ ಪರವಾಗಿ ಉತ್ತರ ನೀಡಿದ ಸಚಿವರು, ಕಾಂಗ್ರೆಸ್-ಬಿಜೆಪಿ ಸರ್ಕಾರದ ಸ್ಪರ್ಧೆಯಲ್ಲ, ನಾವು ಆಡಳಿತದಲ್ಲಿ ಸಂವಿಧಾನ ಪಾಲನೆ ಮಾಡಬೇಕು ರಾತ್ರಿ 10 ಗಂಟೆಯ ನಂತರ ಚಲನಚಿತ್ರ ಪ್ರಕಾರ, ಸುಪ್ರೀಂ ಕೋರ್ಟ್ ನಿರ್ದೇಶನಗಳನ್ನು ಪಾಲಿಸಲು ಸರ್ಕಾರ ನಿರ್ದೇಶಿಸಿದೆ. ಗೌರವ ಭಾವನೆಗಳು ಹಾಗೂ ಸಂಪ್ರದಾಯಕ್ಕೆ ಧಕ್ಕೆಯಾಗದಂತೆ ಪೊಲೀಸರು ನೋಡಿಕೊಳ್ಳಬೇಕು.
ನಮ್ಮ ಕಾರ್ಯಕ್ರಮಗಳಿಗೆ ತೊಂದರೆಯಾಗುತ್ತಿದೆ. ಗಣೇಶೋತ್ಸವ, ನವರಾತ್ರಿ ಉತ್ಸವ ನಡೆಯುತ್ತಿವೆ. ಈ ಸಂದರ್ಭದಲ್ಲಿ ಆದೇಶಗಳನ್ನು ಸರ್ಕಾರ ಕ್ರಮವಾಗಿ ಪರಿಗಣಿಸಬೇಕು. ಶ್ರೀಕೃಷ್ಣಜನ್ಮಾಷ್ಟಮಿ ಸೇರಿದಂತೆ ಕಾರ್ಯಕ್ರಮಗಳಿಗೆ ಪೊಲೀಸರು ಅನುಮತಿ ನೀಡಬೇಕು ಎಂದು ಕಾಮತ್ ಒತ್ತಾಯಿಸಿದರು. ಈ ವೇಳೆ ಮಧ್ಯಪ್ರವೇಶಿಸಿದ ಸಚಿವ ಚಲುವರಾಯಸ್ವಾಮಿ, ಕರಾವಳಿ ಭಾಗದಲ್ಲಿ ಕೆಲ ಅಹಿತಕರ ಘಟನೆಗಳು ನಡೆದಿವೆ. ಈ ಹಿನ್ನೆಲೆಯಲ್ಲಿ ಸರ್ಕಾರ ಎಚ್ಚರಿಕೆ ವಹಿಸಿದೆ. ಹಬ್ಬ ಆಚರಣೆಗೆ ಯಾವುದೇ ತೊಂದರೆ ಇಲ್ಲ ಎಂದರು.
ಪ್ರಸ್ತಾಪಿಸಿದ ವಿಷಯದ ಪರಿಹಾರ ಸಿಗಬೇಕೆಂದು ಕೋರಿದರು. ಸರ್ಕಾರ ಕಾನೂನು ಬದಲಾಯಿಸಲು ಸಾಧ್ಯವಿಲ್ಲ ಎಂದು ಸಚಿವರು ಹೇಳಿದರು.
ಸಂಪ್ರದಾಯ ಬದಲಿಸಲು ಆಗದು
ಬೆಳಗ್ಗೆ ಪ್ರತಿಕ್ರಿಯಿಸಿದ ಸ್ಪೀಕರ್ ಯು.ಟಿ. ಖಾದರ್, "ಸರಸ್ಪರ ಧಾರ್ಮಿಕ ಆಚರಣೆಗಳು ಹಾಗೂ ಸಂಪ್ರದಾಯಗಳನ್ನು ಬದಲಿಸುವುದು ಸಾಧ್ಯವಿಲ್ಲ. ಕಾನೂನು ಮತ್ತು ಸಂಪ್ರದಾಯ ಒಟ್ಟಿಗೆ ಸಾಗಬೇಕು" ಎಂದು ಹೇಳಿದರು.
ನಮ್ಮ ಕಾರ್ಯಕ್ರಮಗಳಿಗೆ ತೊಂದರೆಯಾಗುತ್ತಿದೆ. ಗಣೇಶೋತ್ಸವ, ನವರಾತ್ರಿ ಉತ್ಸವ ನಡೆಯುತ್ತಿವೆ. ಈ ಸಂದರ್ಭದಲ್ಲಿ ಆದೇಶಗಳನ್ನು ಸರ್ಕಾರ ಕ್ರಮವಾಗಿ ಪರಿಗಣಿಸಬೇಕು. ಶ್ರೀಕೃಷ್ಣಜನ್ಮಾಷ್ಟಮಿ ಸೇರಿದಂತೆ ಕಾರ್ಯಕ್ರಮಗಳಿಗೆ ಪೊಲೀಸರು ಅನುಮತಿ ನೀಡಬೇಕು ಎಂದು ಕಾಮತ್ ಒತ್ತಾಯಿಸಿದರು. ಈ ವೇಳೆ ಮಧ್ಯಪ್ರವೇಶಿಸಿದ ಸಚಿವ ಚಲುವರಾಯಸ್ವಾಮಿ, ಕರಾವಳಿ ಭಾಗದಲ್ಲಿ ಕೆಲ ಅಹಿತಕರ ಘಟನೆಗಳು ನಡೆದಿವೆ. ಈ ಹಿನ್ನೆಲೆಯಲ್ಲಿ ಸರ್ಕಾರ ಎಚ್ಚರಿಕೆ ವಹಿಸಿದೆ. ಹಬ್ಬ ಆಚರಣೆಗೆ ಯಾವುದೇ ತೊಂದರೆ ಇಲ್ಲ ಎಂದರು.
ಕೃಷ್ಣ ಜನ್ಮಾಷ್ಟಮಿ ನಿಮಿತ್ತ ವಿವಿಧ
ಸಾಂಸ್ಕೃತಿಕ ಕಾರ್ಯಕ್ರಮಗಳು
ಬದಲಾವಣೆ ಸುದ್ದಿ
ಗಂಗಾವತಿ: ನಗರದ ಪ್ರತಿಷ್ಠಿತ ಶಿಕ್ಷಣ ಸಂಸ್ಥೆಗಳಲ್ಲಿ ಒಂದಾದ ಲಯನ್ಸ್ ಕ್ಲಬ್ ಹಾಗೂ ಲಯನ್ಸ್ ಶಿಕ್ಷಣ ಸಂಸ್ಥೆಗಳ ಪೂರ್ವ ಪ್ರಾಥಮಿಕ ವಿದ್ಯಾರ್ಥಿಗಳಿಂದ ಶ್ರೀ ಕೃಷ್ಣ ಜನ್ಮಾಷ್ಟಮಿ ನಿಮಿತ್ತ ವಿವಿಧ ಸಾಂಸ್ಕೃತಿಕ ಕಾರ್ಯಕ್ರಮಗಳು ಹಮ್ಮಿಕೊಳ್ಳಲಾಗಿತ್ತು. ಈ ಕಾರ್ಯಕ್ರಮದ ಅಧ್ಯಕ್ಷತೆಯನ್ನು ವಹಿಸಿದ್ದ ಲಯನ್ಸ್ ಕ್ಲಬ್ ಅಧ್ಯಕ್ಷರಾದ ಡಾ. ಶಿವಕುಮಾರ್ ಮಾಲಿಪಾಟೀಲ್ ಅವರು ಮಾತನಾಡಿದರು. ಮುಖ್ಯ ಗುರುಗಳಾದ ಜಗನ್ನಾಥರಾವ್, ಪ್ರಾಥಮಿಕ ಶಾಲೆಯ ಮುಖ್ಯಗುರುಗಳಾದ ಗುರುವಾರವಲ್ಲಿ ಲಯನ್ಸ್ ಕ್ಲಬ್ ಕಾರ್ಯದರ್ಶಿ ಲಯನ್ ರಾಮನಾಥ ಭಂಡಾರ್ಕರ್, ಲಯನ್ ಹಜರ್, ಲಯನ್ ಸುಬ್ರಮಣ್ಯಂ, ಶಾಲಾ ಆಡಳಿತಾಧಿಕಾರಿ ಮತ್ತು ಶಿಕ್ಷಕ ಸಿಬ್ಬಂದಿ ಜೊತೆಗೆ ಜನ್ಮಾಷ್ಟಮಿ ಕಾರ್ಯಕ್ರಮದಲ್ಲಿ ಪಾಲ್ಗೊಂಡಿದ್ದರು. ಈ ಸಂದರ್ಭದಲ್ಲಿ, ಮಾತನಾಡಿದ ಗಣ್ಯರು ಶ್ರೀ ಕೃಷ್ಣನ ಜನ್ಮದಿನವೆ ಹಬ್ಬವಾಗಿ ಹೊರ ಹೊಮ್ಮಿದೆ. ಸಮಾಜದಲ್ಲಿ ಧರ್ಮ ನೆಲೆನಿಲ್ಲಲು ಮತ್ತು ಶ್ರೀ ಕೃಷ್ಣ ಜನ್ಮಾಷ್ಟಮಿ ಆಚರಣೆಯು ಭಕ್ತಿ ಸಂದೇಶವನ್ನು ಸಾರುತ್ತದೆ ಎಂದರು. ಶ್ರೀಕೃಷ್ಣ ತನ್ನ ಬಾಲ ಲೀಲೆಗಳು, ಮಹಾಭಾರತದಲ್ಲಿ ಧರ್ಮ ರಕ್ಷಣೆ ಮಾಡಿದ್ದಾನೆ.
ಪಾಂಡವರ ಗೆಲುವಿಗಾಗಿ ನಿಲ್ಲುವುದರ ಜೊತೆಗೆ ದುಷ್ಟರ ಸಂಹಾರ ಹಾಗೂ ಶ್ರೀಕೃಷ್ಣನ ತತ್ವ ಸಿದ್ಧಾಂತಗಳು ಸರ್ವ ಕಾಲಕ್ಕೂ ಅನ್ವಯವಾಗುತ್ತದೆ ಎಂದು ಹೇಳಿದರು. ಇದೇ ಸಂದರ್ಭದಲ್ಲಿ ಶ್ರೀ ಕೃಷ್ಣ, ರಾಧಾ ಅವರ ವೇಷಧಾರಿ ಸ್ಪರ್ಧೆ ನಡೆಸಿ, ಮತ್ತಿತರ ಸಾಂಸ್ಕೃತಿಕ ಕಾರ್ಯಕ್ರಮಗಳು ವಿಶೇಷ ಗಮನ ಸೆಳೆದವು. ಸ್ಪರ್ಧೆ ನಿರ್ಣಾಯಕರಾಗಿ ಶಿಕ್ಷಕರಾದ ಶಾಂತಾ, ಗೀತಾ ಸೇರಿದಂತೆ ಶಿಕ್ಷಕರು ಪಾಲ್ಗೊಂಡು ಅವರ ಸಲಹೆಗಳು ನೀಡಿದರು. ನಂತರ ವಿವಿಧ ವೇಷಗಳಲ್ಲಿ ಸಾಂಸ್ಕೃತಿಕ ಕಾರ್ಯಕ್ರಮ ನೀಡಿದ ಮಕ್ಕಳಿಗೆ ಬಹುಮಾನ ವಿತರಿಸಲಾಯಿತು. ವಿಜೇತರಾದ ಅವರಿಗೆ ಲಯನ್ಸ್ ಶಾಲೆಯ ವತಿಯಿಂದ ಪ್ರಮಾಣ ಪತ್ರ ನೀಡಿ ಗೌರವಿಸಲಾಯಿತು.
